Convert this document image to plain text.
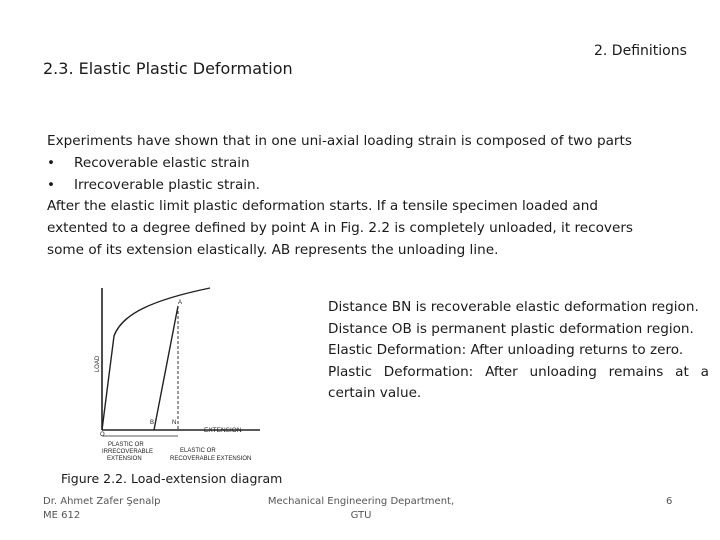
2. Definitions
2.3. Elastic Plastic Deformation
Experiments have shown that in one uni-axial loading strain is composed of two parts
•	Recoverable elastic strain
•	Irrecoverable plastic strain.
After the elastic limit plastic deformation starts. If a tensile specimen loaded and
extented to a degree defined by point A in Fig. 2.2 is completely unloaded, it recovers
some of its extension elastically. AB represents the unloading line.
LOAD
EXTENSION
A
O
B	N
PLASTIC OR
IRRECOVERABLE
EXTENSION
ELASTIC OR
RECOVERABLE EXTENSION
Figure 2.2. Load-extension diagram
Distance BN is recoverable elastic deformation region.
Distance OB is permanent plastic deformation region.
Elastic Deformation: After unloading returns to zero.
Plastic Deformation: After unloading remains at a certain value.
Dr. Ahmet Zafer Şenalp
ME 612
Mechanical Engineering Department,
GTU
6
